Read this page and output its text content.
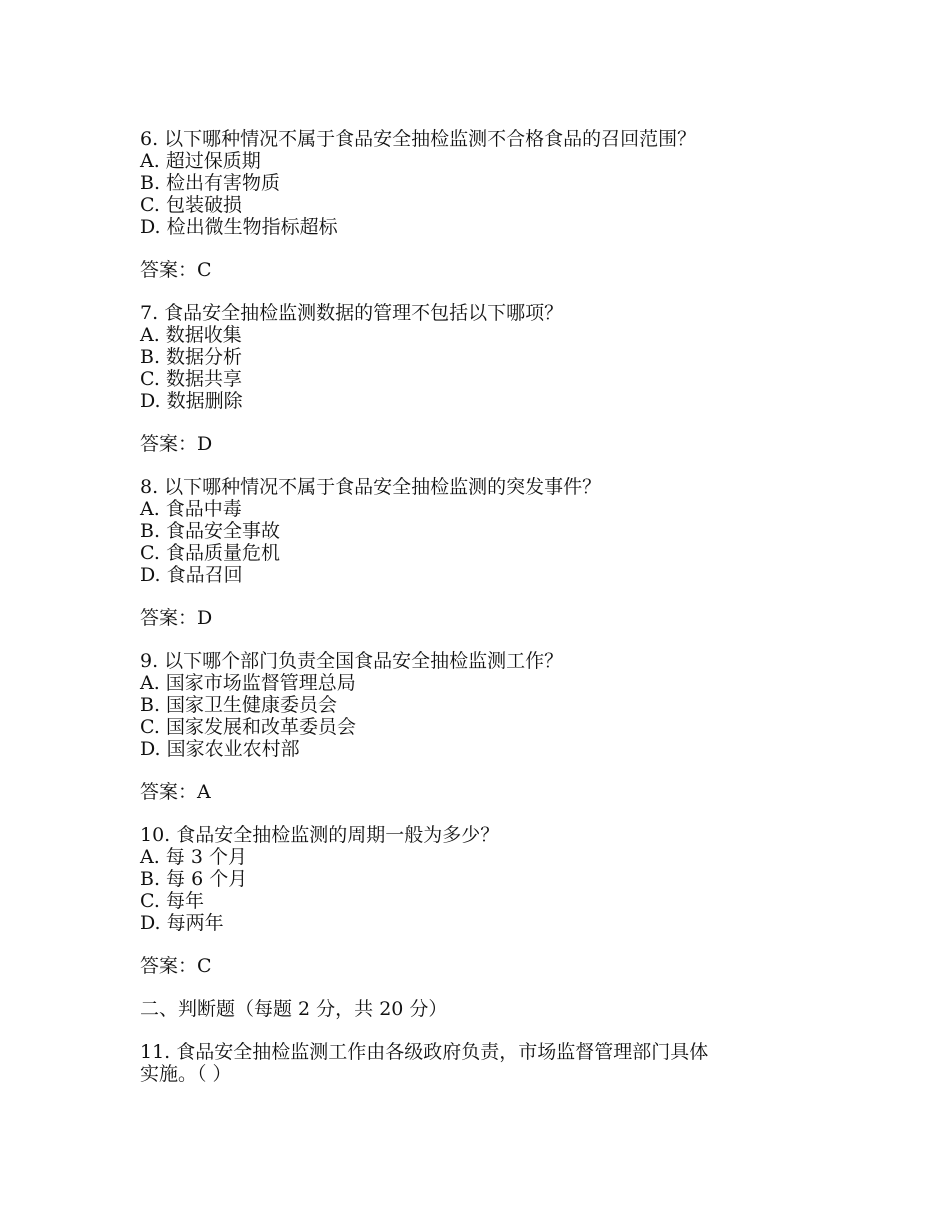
6. 以下哪种情况不属于食品安全抽检监测不合格食品的召回范围？
A. 超过保质期
B. 检出有害物质
C. 包装破损
D. 检出微生物指标超标
答案：C
7. 食品安全抽检监测数据的管理不包括以下哪项？
A. 数据收集
B. 数据分析
C. 数据共享
D. 数据删除
答案：D
8. 以下哪种情况不属于食品安全抽检监测的突发事件？
A. 食品中毒
B. 食品安全事故
C. 食品质量危机
D. 食品召回
答案：D
9. 以下哪个部门负责全国食品安全抽检监测工作？
A. 国家市场监督管理总局
B. 国家卫生健康委员会
C. 国家发展和改革委员会
D. 国家农业农村部
答案：A
10. 食品安全抽检监测的周期一般为多少？
A. 每 3 个月
B. 每 6 个月
C. 每年
D. 每两年
答案：C
二、判断题（每题 2 分，共 20 分）
11. 食品安全抽检监测工作由各级政府负责，市场监督管理部门具体
实施。（ ）
